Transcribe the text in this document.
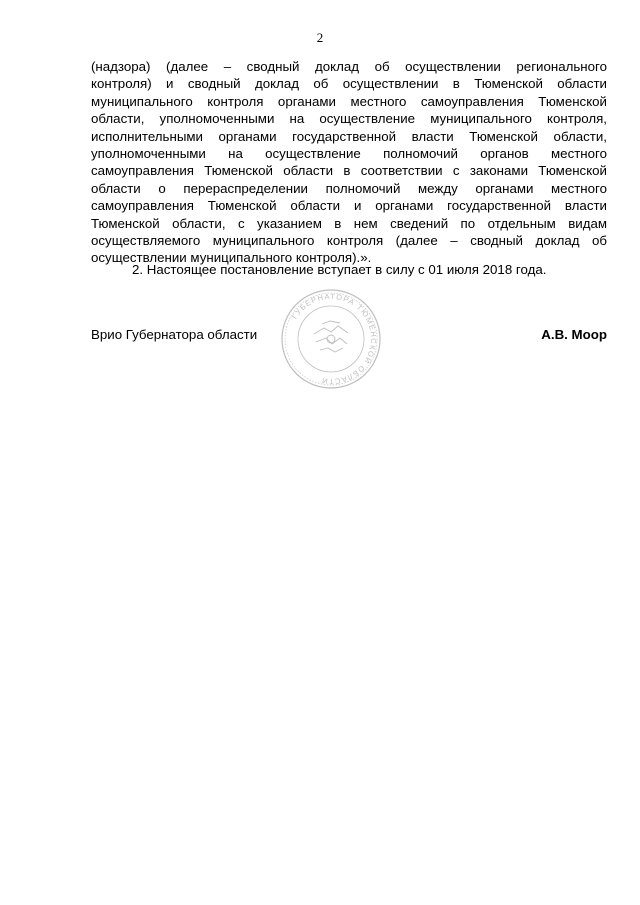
2
(надзора) (далее – сводный доклад об осуществлении регионального
контроля) и сводный доклад об осуществлении в Тюменской области
муниципального контроля органами местного самоуправления Тюменской
области, уполномоченными на осуществление муниципального контроля,
исполнительными органами государственной власти Тюменской области,
уполномоченными на осуществление полномочий органов местного
самоуправления Тюменской области в соответствии с законами Тюменской
области о перераспределении полномочий между органами местного
самоуправления Тюменской области и органами государственной власти
Тюменской области, с указанием в нем сведений по отдельным видам
осуществляемого муниципального контроля (далее – сводный доклад об
осуществлении муниципального контроля).».
2. Настоящее постановление вступает в силу с 01 июля 2018 года.
Врио Губернатора области
ГУБЕРНАТОРА ТЮМЕНСКОЙ ОБЛАСТИ
А.В. Моор
